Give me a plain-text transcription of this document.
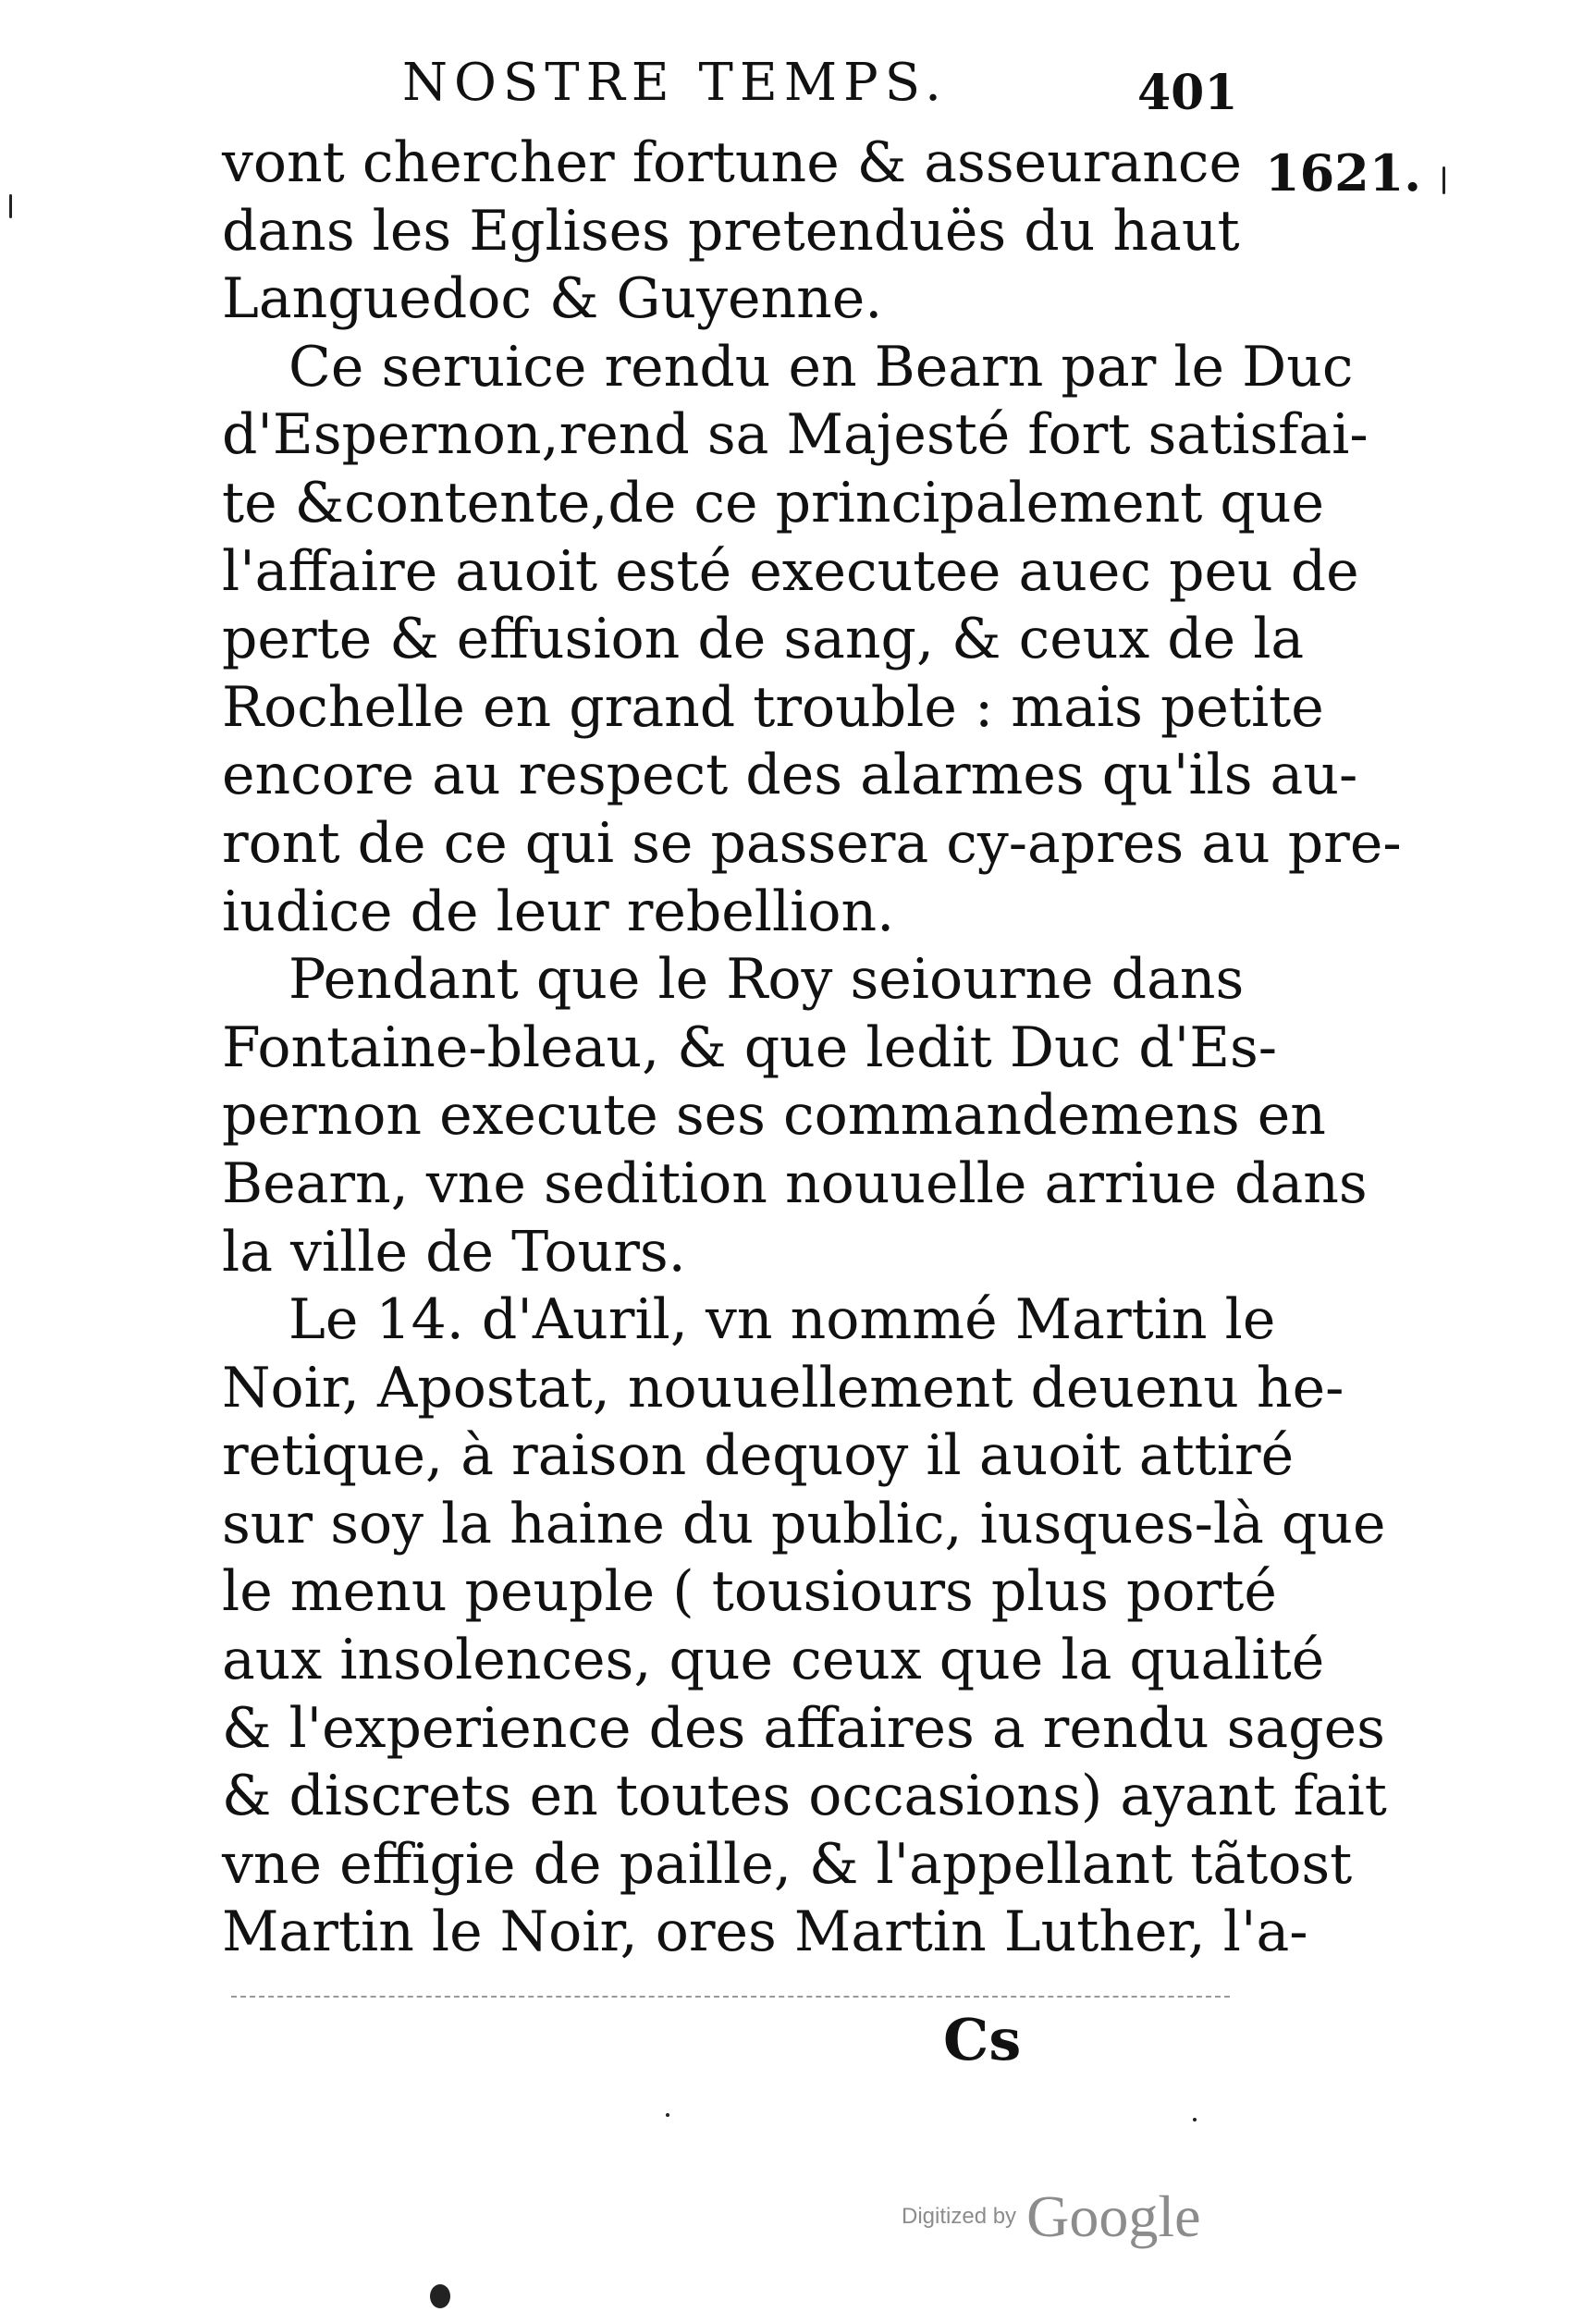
NOSTRE TEMPS.	401
1621.
vont chercher fortune & asseurance
dans les Eglises pretenduës du haut
Languedoc & Guyenne.
Ce seruice rendu en Bearn par le Duc
d'Espernon,rend sa Majesté fort satisfai-
te &contente,de ce principalement que
l'affaire auoit esté executee auec peu de
perte & effusion de sang, & ceux de la
Rochelle en grand trouble : mais petite
encore au respect des alarmes qu'ils au-
ront de ce qui se passera cy-apres au pre-
iudice de leur rebellion.
Pendant que le Roy seiourne dans
Fontaine-bleau, & que ledit Duc d'Es-
pernon execute ses commandemens en
Bearn, vne sedition nouuelle arriue dans
la ville de Tours.
Le 14. d'Auril, vn nommé Martin le
Noir, Apostat, nouuellement deuenu he-
retique, à raison dequoy il auoit attiré
sur soy la haine du public, iusques-là que
le menu peuple ( tousiours plus porté
aux insolences, que ceux que la qualité
& l'experience des affaires a rendu sages
& discrets en toutes occasions) ayant fait
vne effigie de paille, & l'appellant tãtost
Martin le Noir, ores Martin Luther, l'a-
Cs
Digitized by Google
